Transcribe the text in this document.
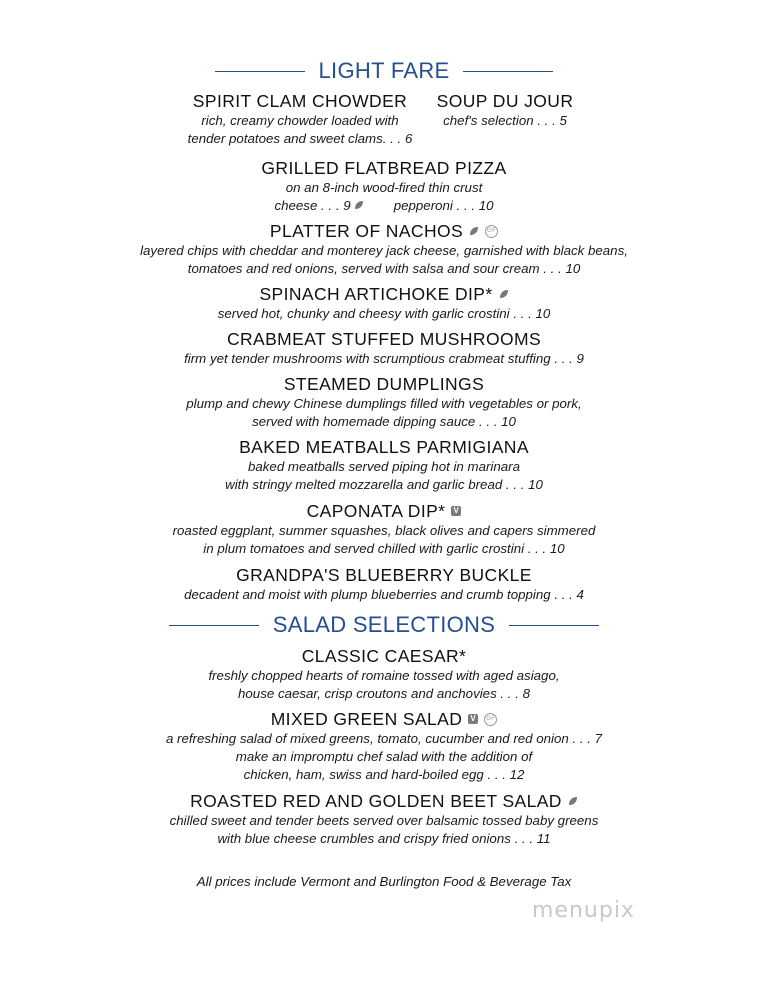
LIGHT FARE
SPIRIT CLAM CHOWDER
rich, creamy chowder loaded with
tender potatoes and sweet clams. . . 6
SOUP DU JOUR
chef's selection . . . 5
GRILLED FLATBREAD PIZZA
on an 8-inch wood-fired thin crust
cheese . . . 9	pepperoni . . . 10
PLATTER OF NACHOS	GF
layered chips with cheddar and monterey jack cheese, garnished with black beans,
tomatoes and red onions, served with salsa and sour cream . . . 10
SPINACH ARTICHOKE DIP*
served hot, chunky and cheesy with garlic crostini . . . 10
CRABMEAT STUFFED MUSHROOMS
firm yet tender mushrooms with scrumptious crabmeat stuffing . . . 9
STEAMED DUMPLINGS
plump and chewy Chinese dumplings filled with vegetables or pork,
served with homemade dipping sauce . . . 10
BAKED MEATBALLS PARMIGIANA
baked meatballs served piping hot in marinara
with stringy melted mozzarella and garlic bread . . . 10
CAPONATA DIP* V
roasted eggplant, summer squashes, black olives and capers simmered
in plum tomatoes and served chilled with garlic crostini . . . 10
GRANDPA'S BLUEBERRY BUCKLE
decadent and moist with plump blueberries and crumb topping . . . 4
SALAD SELECTIONS
CLASSIC CAESAR*
freshly chopped hearts of romaine tossed with aged asiago,
house caesar, crisp croutons and anchovies . . . 8
MIXED GREEN SALAD V	GF
a refreshing salad of mixed greens, tomato, cucumber and red onion . . . 7
make an impromptu chef salad with the addition of
chicken, ham, swiss and hard-boiled egg . . . 12
ROASTED RED AND GOLDEN BEET SALAD
chilled sweet and tender beets served over balsamic tossed baby greens
with blue cheese crumbles and crispy fried onions . . . 11
All prices include Vermont and Burlington Food & Beverage Tax
menupix
